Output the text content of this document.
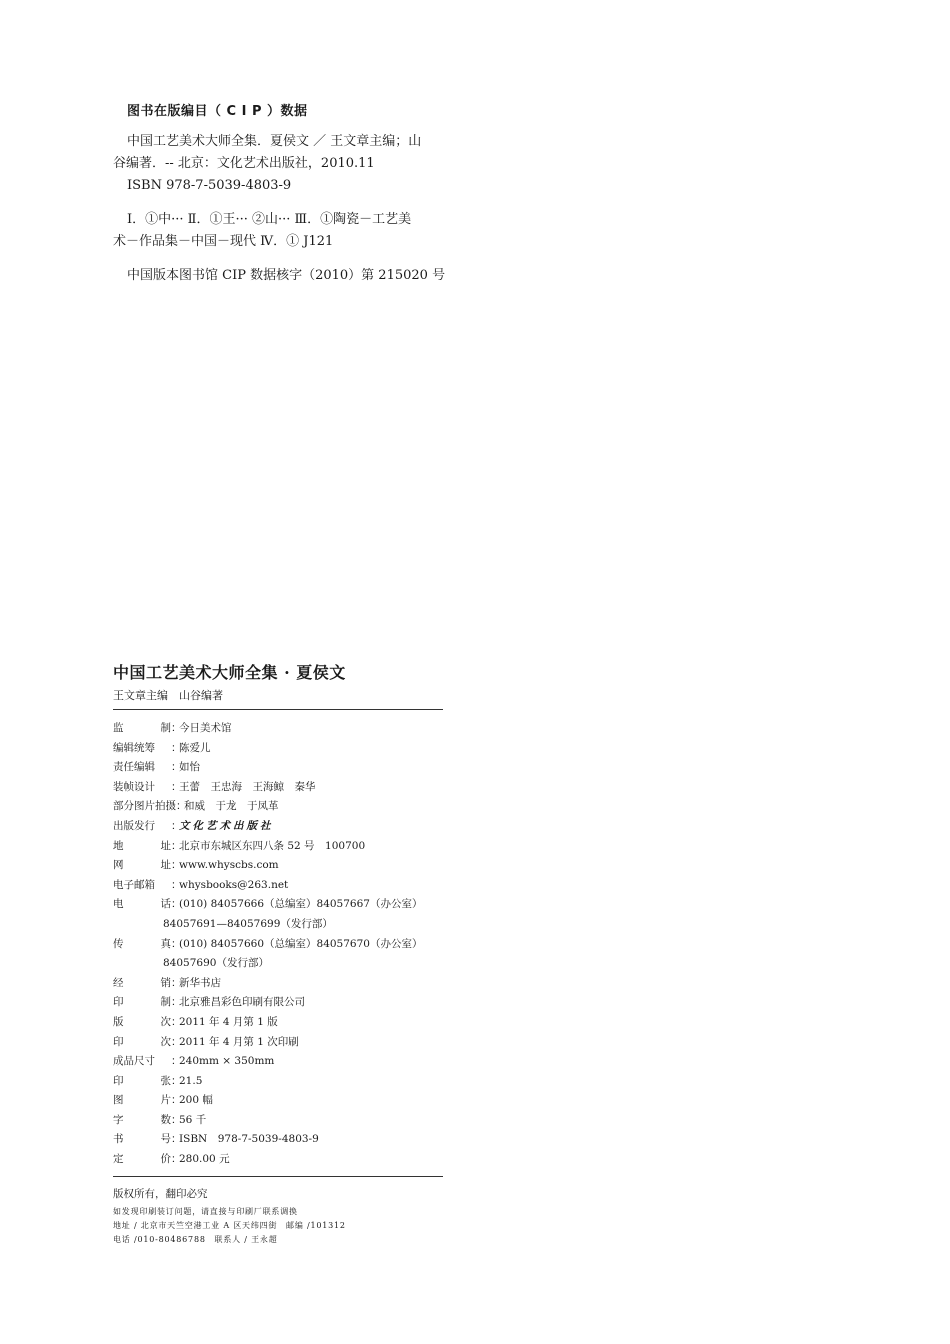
图书在版编目（ C I P ）数据
中国工艺美术大师全集．夏侯文 ／ 王文章主编；山
谷编著．-- 北京：文化艺术出版社，2010.11
ISBN 978-7-5039-4803-9
Ⅰ．①中··· Ⅱ．①王··· ②山··· Ⅲ．①陶瓷－工艺美
术－作品集－中国－现代 Ⅳ．① J121
中国版本图书馆 CIP 数据核字（2010）第 215020 号
中国工艺美术大师全集 · 夏侯文
王文章主编　山谷编著
监	制 ：
今日美术馆
编辑统筹 ：
陈爱儿
责任编辑 ：
如怡
装帧设计 ：
王蕾　王忠海　王海鲸　秦华
部分图片拍摄 ：
和威　于龙　于凤革
出版发行 ：
文化艺术出版社
地	址 ：
北京市东城区东四八条 52 号　100700
网	址 ：
www.whyscbs.com
电子邮箱 ：
whysbooks@263.net
电	话 ：
(010) 84057666（总编室）84057667（办公室）
84057691—84057699（发行部）
传	真 ：
(010) 84057660（总编室）84057670（办公室）
84057690（发行部）
经	销 ：
新华书店
印	制 ：
北京雅昌彩色印刷有限公司
版	次 ：
2011 年 4 月第 1 版
印	次 ：
2011 年 4 月第 1 次印刷
成品尺寸 ：
240mm × 350mm
印	张 ：
21.5
图	片 ：
200 幅
字	数 ：
56 千
书	号 ：
ISBN　978-7-5039-4803-9
定	价 ：
280.00 元
版权所有，翻印必究
如发现印刷装订问题，请直接与印刷厂联系调换
地址 / 北京市天竺空港工业 A 区天纬四街　邮编 /101312
电话 /010-80486788　联系人 / 王永超
